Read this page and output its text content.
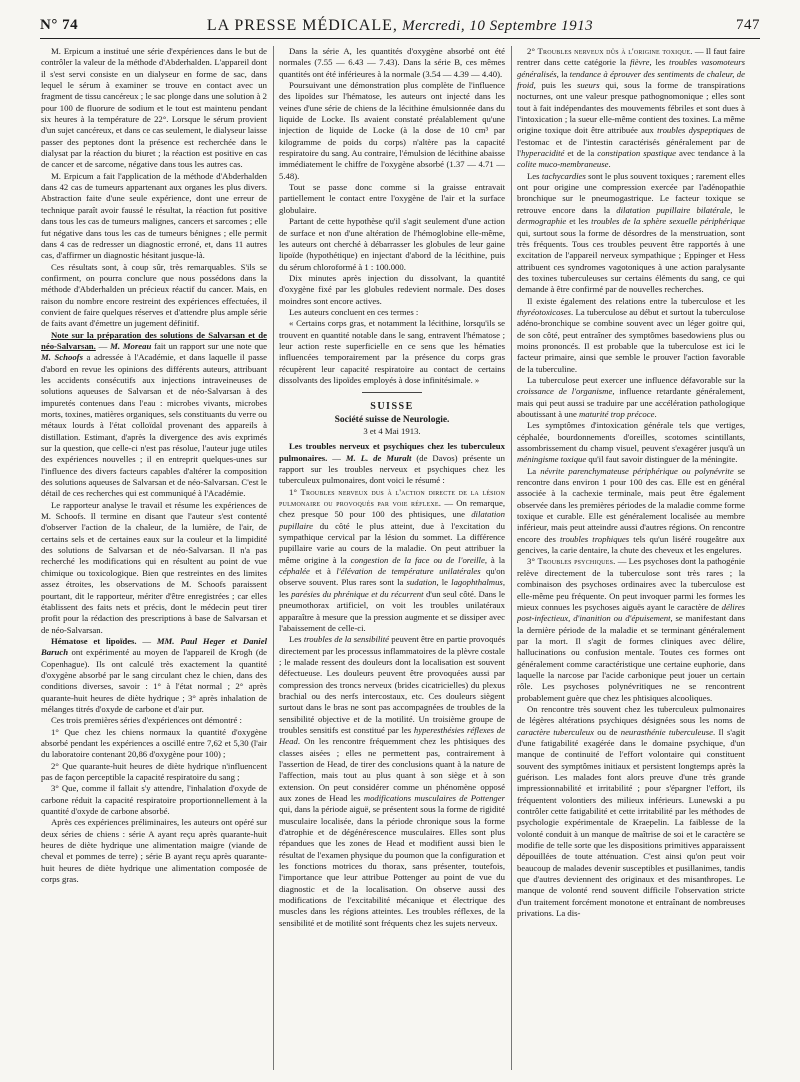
N° 74	LA PRESSE MÉDICALE, Mercredi, 10 Septembre 1913	747

M. Erpicum a institué une série d'expériences dans le but de contrôler la valeur de la méthode d'Abderhalden. L'appareil dont il s'est servi consiste en un dialyseur en forme de sac, dans lequel le sérum à examiner se trouve en contact avec un fragment de tissu cancéreux ; le sac plonge dans une solution à 2 pour 100 de fluorure de sodium et le tout est maintenu pendant six heures à la température de 22°. Lorsque le sérum provient d'un sujet cancéreux, et dans ce cas seulement, le dialyseur laisse passer des peptones dont la présence est recherchée dans le dialysat par la réaction du biuret ; la réaction est positive en cas de cancer et de sarcome, négative dans tous les autres cas.

M. Erpicum a fait l'application de la méthode d'Abderhalden dans 42 cas de tumeurs appartenant aux organes les plus divers. Abstraction faite d'une seule expérience, dont une erreur de technique paraît avoir faussé le résultat, la réaction fut positive dans tous les cas de tumeurs malignes, cancers et sarcomes ; elle fut négative dans tous les cas de tumeurs bénignes ; elle permit dans 4 cas de redresser un diagnostic erroné, et, dans 11 autres cas, d'affirmer un diagnostic hésitant jusque-là.

Ces résultats sont, à coup sûr, très remarquables. S'ils se confirment, on pourra conclure que nous possédons dans la méthode d'Abderhalden un précieux réactif du cancer. Mais, en raison du nombre encore restreint des expériences effectuées, il convient de faire quelques réserves et d'attendre plus ample série de faits avant d'émettre un jugement définitif.

Note sur la préparation des solutions de Salvarsan et de néo-Salvarsan. — M. Moreau fait un rapport sur une note que M. Schoofs a adressée à l'Académie, et dans laquelle il passe d'abord en revue les opinions des différents auteurs, attribuant les accidents consécutifs aux injections intraveineuses de solutions aqueuses de Salvarsan et de néo-Salvarsan à des impuretés contenues dans l'eau : microbes vivants, microbes morts, toxines, matières organiques, sels constituants du verre ou métaux lourds à l'état colloïdal provenant des appareils à distillation. Estimant, d'après la divergence des avis exprimés sur la question, que celle-ci n'est pas résolue, l'auteur juge utiles des expériences nouvelles ; il en entreprit quelques-unes sur l'influence des divers facteurs capables d'altérer la composition des solutions aqueuses de Salvarsan et de néo-Salvarsan. C'est le détail de ces recherches qui est communiqué à l'Académie.

Le rapporteur analyse le travail et résume les expériences de M. Schoofs. Il termine en disant que l'auteur s'est contenté d'observer l'action de la chaleur, de la lumière, de l'air, de certains sels et de certaines eaux sur la couleur et la limpidité des solutions de Salvarsan et de néo-Salvarsan. Il n'a pas recherché les modifications qui en résultent au point de vue chimique ou toxicologique. Bien que restreintes en des limites assez étroites, les observations de M. Schoofs paraissent pourtant, dit le rapporteur, mériter d'être enregistrées ; car elles établissent des faits nets et précis, dont le médecin peut tirer profit pour la rédaction des prescriptions à base de Salvarsan et de néo-Salvarsan.

Hématose et lipoïdes. — MM. Paul Heger et Daniel Baruch ont expérimenté au moyen de l'appareil de Krogh (de Copenhague). Ils ont calculé très exactement la quantité d'oxygène absorbé par le sang circulant chez le chien, dans des conditions diverses, savoir : 1° à l'état normal ; 2° après quarante-huit heures de diète hydrique ; 3° après inhalation de mélanges titrés d'oxyde de carbone et d'air pur.

Ces trois premières séries d'expériences ont démontré :

1° Que chez les chiens normaux la quantité d'oxygène absorbé pendant les expériences a oscillé entre 7,62 et 5,30 (l'air du laboratoire contenant 20,86 d'oxygène pour 100) ;

2° Que quarante-huit heures de diète hydrique n'influencent pas de façon perceptible la capacité respiratoire du sang ;

3° Que, comme il fallait s'y attendre, l'inhalation d'oxyde de carbone réduit la capacité respiratoire proportionnellement à la quantité d'oxyde de carbone absorbé.

Après ces expériences préliminaires, les auteurs ont opéré sur deux séries de chiens : série A ayant reçu après quarante-huit heures de diète hydrique une alimentation maigre (viande de cheval et pommes de terre) ; série B ayant reçu après quarante-huit heures de diète hydrique une alimentation composée de corps gras.

Dans la série A, les quantités d'oxygène absorbé ont été normales (7.55 — 6.43 — 7.43). Dans la série B, ces mêmes quantités ont été inférieures à la normale (3.54 — 4.39 — 4.40).

Poursuivant une démonstration plus complète de l'influence des lipoïdes sur l'hématose, les auteurs ont injecté dans les veines d'une série de chiens de la lécithine émulsionnée dans du liquide de Locke. Ils avaient constaté préalablement qu'une injection de liquide de Locke (à la dose de 10 cm³ par kilogramme de poids du corps) n'altère pas la capacité respiratoire du sang. Au contraire, l'émulsion de lécithine abaisse immédiatement le chiffre de l'oxygène absorbé (1.37 — 4.71 — 5.48).

Tout se passe donc comme si la graisse entravait partiellement le contact entre l'oxygène de l'air et la surface globulaire.

Partant de cette hypothèse qu'il s'agit seulement d'une action de surface et non d'une altération de l'hémoglobine elle-même, les auteurs ont cherché à débarrasser les globules de leur gaine lipoïde (hypothétique) en injectant d'abord de la lécithine, puis du sérum chloroformé à 1 : 100.000.

Dix minutes après injection du dissolvant, la quantité d'oxygène fixé par les globules redevient normale. Des doses moindres sont encore actives.

Les auteurs concluent en ces termes :

« Certains corps gras, et notamment la lécithine, lorsqu'ils se trouvent en quantité notable dans le sang, entravent l'hématose ; leur action reste superficielle en ce sens que les hématies influencées temporairement par la présence du corps gras récupèrent leur capacité respiratoire au contact de certains dissolvants des lipoïdes employés à dose infinitésimale. »

SUISSE
Société suisse de Neurologie.
3 et 4 Mai 1913.

Les troubles nerveux et psychiques chez les tuberculeux pulmonaires. — M. L. de Muralt (de Davos) présente un rapport sur les troubles nerveux et psychiques chez les tuberculeux pulmonaires, dont voici le résumé :

1° Troubles nerveux dus à l'action directe de la lésion pulmonaire ou provoqués par voie réflexe. — On remarque, chez presque 50 pour 100 des phtisiques, une dilatation pupillaire du côté le plus atteint, due à l'excitation du sympathique cervical par la lésion du sommet. La différence pupillaire varie au cours de la maladie. On peut attribuer la même origine à la congestion de la face ou de l'oreille, à la céphalée et à l'élévation de température unilatérales qu'on observe souvent. Plus rares sont la sudation, le lagophthalmus, les parésies du phrénique et du récurrent d'un seul côté. Dans le pneumothorax artificiel, on voit les troubles unilatéraux apparaître à mesure que la pression augmente et se dissiper avec l'abaissement de celle-ci.

Les troubles de la sensibilité peuvent être en partie provoqués directement par les processus inflammatoires de la plèvre costale ; le malade ressent des douleurs dont la localisation est souvent défectueuse. Les douleurs peuvent être provoquées aussi par compression des troncs nerveux (brides cicatricielles) du plexus brachial ou des nerfs intercostaux, etc. Ces douleurs siègent surtout dans le bras ne sont pas accompagnées de troubles de la sensibilité objective et de la motilité. Un troisième groupe de troubles sensitifs est constitué par les hyperesthésies réflexes de Head. On les rencontre fréquemment chez les phtisiques des classes aisées ; elles ne permettent pas, contrairement à l'assertion de Head, de tirer des conclusions quant à la nature de l'affection, mais tout au plus quant à son siège et à son extension. On peut considérer comme un phénomène opposé aux zones de Head les modifications musculaires de Pottenger qui, dans la période aiguë, se présentent sous la forme de rigidité musculaire localisée, dans la période chronique sous la forme d'atrophie et de dégénérescence musculaires. Elles sont plus répandues que les zones de Head et modifient aussi bien le résultat de l'examen physique du poumon que la configuration et les fonctions motrices du thorax, sans présenter, toutefois, l'importance que leur attribue Pottenger au point de vue du diagnostic et de la localisation. On observe aussi des modifications de l'excitabilité mécanique et électrique des muscles dans les régions atteintes. Les troubles réflexes, de la sensibilité et de motilité sont fréquents chez les sujets nerveux.

2° Troubles nerveux dûs à l'origine toxique. — Il faut faire rentrer dans cette catégorie la fièvre, les troubles vasomoteurs généralisés, la tendance à éprouver des sentiments de chaleur, de froid, puis les sueurs qui, sous la forme de transpirations nocturnes, ont une valeur presque pathognomonique ; elles sont tout à fait indépendantes des mouvements fébriles et sont dues à l'intoxication ; la sueur elle-même contient des toxines. La même origine toxique doit être attribuée aux troubles dyspeptiques de l'estomac et de l'intestin caractérisés généralement par de l'hyperacidité et de la constipation spastique avec tendance à la colite muco-membraneuse.

Les tachycardies sont le plus souvent toxiques ; rarement elles ont pour origine une compression exercée par l'adénopathie bronchique sur le pneumogastrique. Le facteur toxique se retrouve encore dans la dilatation pupillaire bilatérale, le dermographie et les troubles de la sphère sexuelle périphérique qui, surtout sous la forme de désordres de la menstruation, sont très fréquents. Tous ces troubles peuvent être rapportés à une excitation de l'appareil nerveux sympathique ; Eppinger et Hess attribuent ces syndromes vagotoniques à une action paralysante des toxines tuberculeuses sur certains éléments du sang, ce qui demande à être confirmé par de nouvelles recherches.

Il existe également des relations entre la tuberculose et les thyréotoxicoses. La tuberculose au début et surtout la tuberculose adéno-bronchique se combine souvent avec un léger goitre qui, de son côté, peut entraîner des symptômes basedowiens plus ou moins prononcés. Il est probable que la tuberculose est ici le facteur primaire, ainsi que semble le prouver l'action favorable de la tuberculine.

La tuberculose peut exercer une influence défavorable sur la croissance de l'organisme, influence retardante généralement, mais qui peut aussi se traduire par une accélération pathologique aboutissant à une maturité trop précoce.

Les symptômes d'intoxication générale tels que vertiges, céphalée, bourdonnements d'oreilles, scotomes scintillants, assombrissement du champ visuel, peuvent s'exagérer jusqu'à un méningisme toxique qu'il faut savoir distinguer de la méningite.

La névrite parenchymateuse périphérique ou polynévrite se rencontre dans environ 1 pour 100 des cas. Elle est en général associée à la cachexie terminale, mais peut être également observée dans les premières périodes de la maladie comme forme toxique et curable. Elle est généralement localisée au membre inférieur, mais peut atteindre aussi d'autres régions. On rencontre encore des troubles trophiques tels qu'un liséré rougeâtre aux gencives, la carie dentaire, la chute des cheveux et les engelures.

3° Troubles psychiques. — Les psychoses dont la pathogénie relève directement de la tuberculose sont très rares ; la combinaison des psychoses ordinaires avec la tuberculose est elle-même peu fréquente. On peut invoquer parmi les formes les mieux connues les psychoses aiguës ayant le caractère de délires post-infectieux, d'inanition ou d'épuisement, se manifestant dans la dernière période de la maladie et se terminant généralement par la mort. Il s'agit de formes cliniques avec délire, hallucinations ou confusion mentale. Toutes ces formes ont généralement comme caractéristique une certaine euphorie, dans laquelle la narcose par l'acide carbonique peut jouer un certain rôle. Les psychoses polynévritiques ne se rencontrent probablement guère que chez les phtisiques alcooliques.

On rencontre très souvent chez les tuberculeux pulmonaires de légères altérations psychiques désignées sous les noms de caractère tuberculeux ou de neurasthénie tuberculeuse. Il s'agit d'une fatigabilité exagérée dans le domaine psychique, d'un manque de continuité de l'effort volontaire qui constituent souvent des symptômes initiaux et persistent longtemps après la guérison. Les malades font alors preuve d'une très grande impressionnabilité et irritabilité ; pour s'épargner l'effort, ils fréquentent volontiers des milieux inférieurs. Lunewski a pu contrôler cette fatigabilité et cette irritabilité par les méthodes de psychologie expérimentale de Kraepelin. La faiblesse de la volonté conduit à un manque de maîtrise de soi et le caractère se modifie de telle sorte que les dispositions primitives apparaissent dépouillées de toute atténuation. C'est ainsi qu'on peut voir beaucoup de malades devenir susceptibles et pusillanimes, tandis que d'autres deviennent des originaux et des misanthropes. Le manque de volonté rend souvent difficile l'observation stricte d'un traitement forcément monotone et entraînant de nombreuses privations. La dis-
